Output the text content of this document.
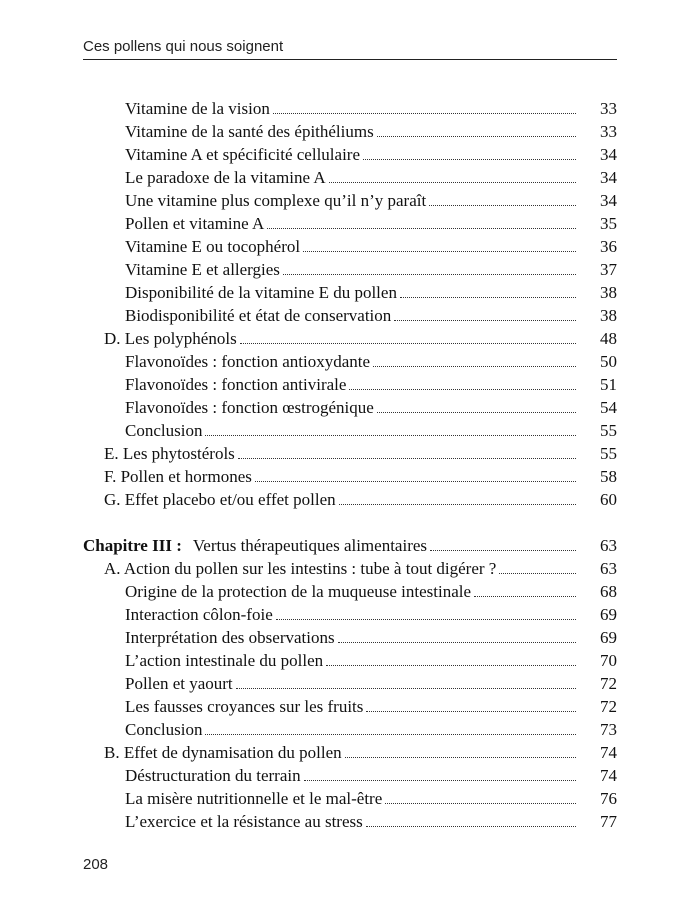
Ces pollens qui nous soignent
Vitamine de la vision	33
Vitamine de la santé des épithéliums	33
Vitamine A et spécificité cellulaire	34
Le paradoxe de la vitamine A	34
Une vitamine plus complexe qu’il n’y paraît	34
Pollen et vitamine A	35
Vitamine E ou tocophérol	36
Vitamine E et allergies	37
Disponibilité de la vitamine E du pollen	38
Biodisponibilité et état de conservation	38
D. Les polyphénols	48
Flavonoïdes : fonction antioxydante	50
Flavonoïdes : fonction antivirale	51
Flavonoïdes : fonction œstrogénique	54
Conclusion	55
E. Les phytostérols	55
F. Pollen et hormones	58
G. Effet placebo et/ou effet pollen	60
Chapitre III : Vertus thérapeutiques alimentaires	63
A. Action du pollen sur les intestins : tube à tout digérer ?	63
Origine de la protection de la muqueuse intestinale	68
Interaction côlon-foie	69
Interprétation des observations	69
L’action intestinale du pollen	70
Pollen et yaourt	72
Les fausses croyances sur les fruits	72
Conclusion	73
B. Effet de dynamisation du pollen	74
Déstructuration du terrain	74
La misère nutritionnelle et le mal-être	76
L’exercice et la résistance au stress	77
208
